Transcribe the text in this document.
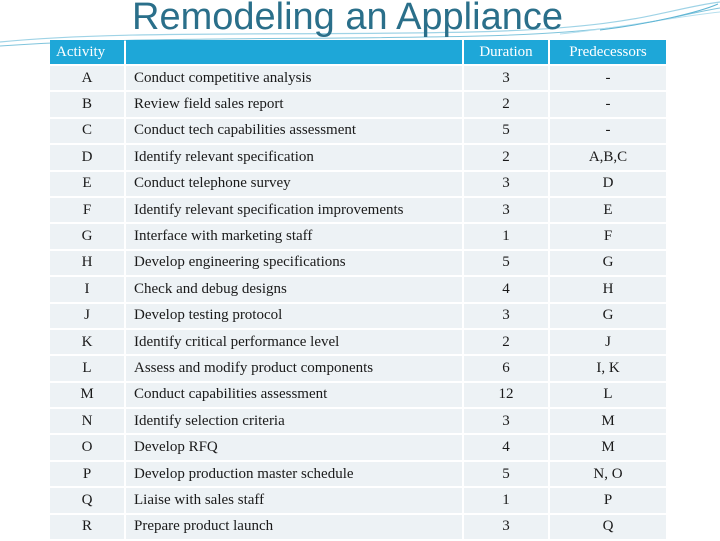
Remodeling an Appliance
Activity		Duration	Predecessors
A	Conduct competitive analysis	3	-
B	Review field sales report	2	-
C	Conduct tech capabilities assessment	5	-
D	Identify relevant specification	2	A,B,C
E	Conduct telephone survey	3	D
F	Identify relevant specification improvements	3	E
G	Interface with marketing staff	1	F
H	Develop engineering specifications	5	G
I	Check and debug designs	4	H
J	Develop testing protocol	3	G
K	Identify critical performance level	2	J
L	Assess and modify product components	6	I, K
M	Conduct capabilities assessment	12	L
N	Identify selection criteria	3	M
O	Develop RFQ	4	M
P	Develop production master schedule	5	N, O
Q	Liaise with sales staff	1	P
R	Prepare product launch	3	Q
